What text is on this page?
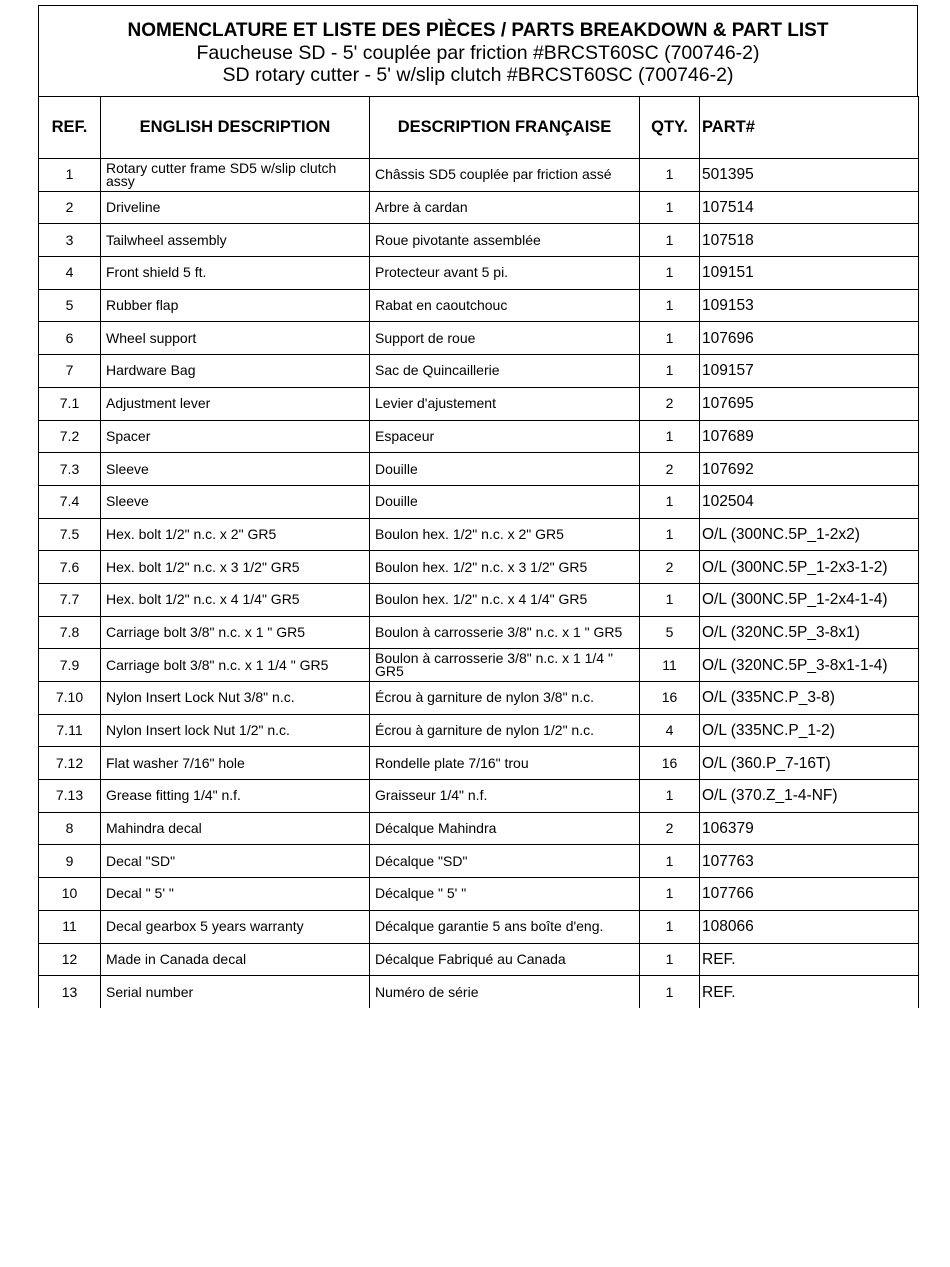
NOMENCLATURE ET LISTE DES PIÈCES / PARTS BREAKDOWN & PART LIST
Faucheuse SD - 5' couplée par friction #BRCST60SC (700746-2)
SD rotary cutter - 5' w/slip clutch #BRCST60SC (700746-2)
REF.	ENGLISH DESCRIPTION	DESCRIPTION FRANÇAISE	QTY.	PART#
1	Rotary cutter frame SD5 w/slip clutch assy	Châssis SD5 couplée par friction assé	1	501395
2	Driveline	Arbre à cardan	1	107514
3	Tailwheel assembly	Roue pivotante assemblée	1	107518
4	Front shield 5 ft.	Protecteur avant 5 pi.	1	109151
5	Rubber flap	Rabat en caoutchouc	1	109153
6	Wheel support	Support de roue	1	107696
7	Hardware Bag	Sac de Quincaillerie	1	109157
7.1	Adjustment lever	Levier d'ajustement	2	107695
7.2	Spacer	Espaceur	1	107689
7.3	Sleeve	Douille	2	107692
7.4	Sleeve	Douille	1	102504
7.5	Hex. bolt 1/2" n.c. x 2" GR5	Boulon hex. 1/2" n.c. x 2" GR5	1	O/L (300NC.5P_1-2x2)
7.6	Hex. bolt 1/2" n.c. x 3 1/2" GR5	Boulon hex. 1/2" n.c. x 3 1/2" GR5	2	O/L (300NC.5P_1-2x3-1-2)
7.7	Hex. bolt 1/2" n.c. x 4 1/4" GR5	Boulon hex. 1/2" n.c. x 4 1/4" GR5	1	O/L (300NC.5P_1-2x4-1-4)
7.8	Carriage bolt 3/8" n.c. x 1 " GR5	Boulon à carrosserie 3/8" n.c. x 1 " GR5	5	O/L (320NC.5P_3-8x1)
7.9	Carriage bolt 3/8" n.c. x 1 1/4 " GR5	Boulon à carrosserie 3/8" n.c. x 1 1/4 " GR5	11	O/L (320NC.5P_3-8x1-1-4)
7.10	Nylon Insert Lock Nut 3/8" n.c.	Écrou à garniture de nylon 3/8" n.c.	16	O/L (335NC.P_3-8)
7.11	Nylon Insert lock Nut 1/2" n.c.	Écrou à garniture de nylon 1/2" n.c.	4	O/L (335NC.P_1-2)
7.12	Flat washer 7/16" hole	Rondelle plate 7/16" trou	16	O/L (360.P_7-16T)
7.13	Grease fitting 1/4" n.f.	Graisseur 1/4" n.f.	1	O/L (370.Z_1-4-NF)
8	Mahindra decal	Décalque Mahindra	2	106379
9	Decal "SD"	Décalque "SD"	1	107763
10	Decal " 5' "	Décalque " 5' "	1	107766
11	Decal gearbox 5 years warranty	Décalque garantie 5 ans boîte d'eng.	1	108066
12	Made in Canada decal	Décalque Fabriqué au Canada	1	REF.
13	Serial number	Numéro de série	1	REF.
